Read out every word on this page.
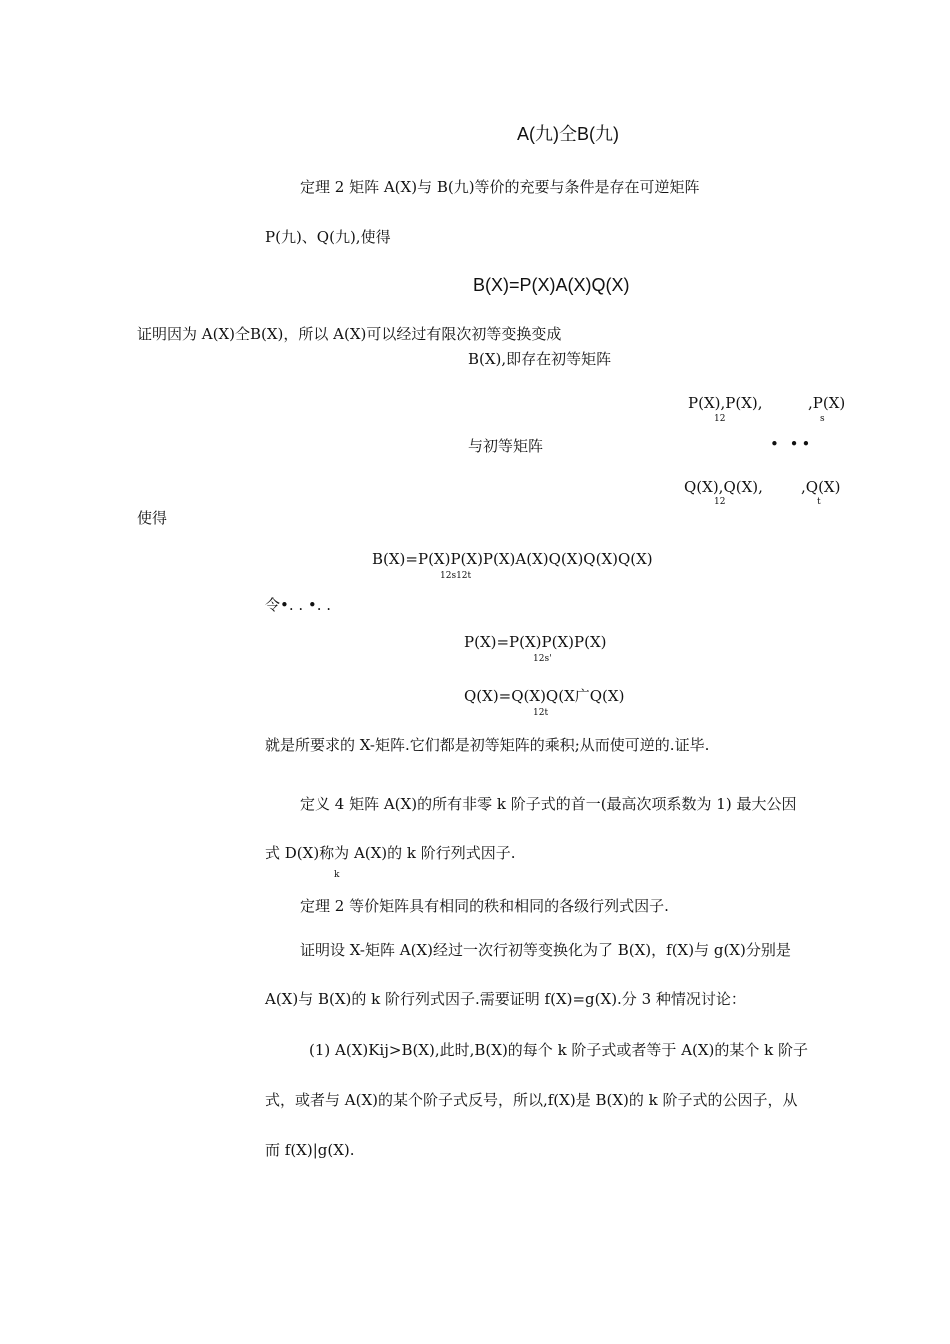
A(九)仝B(九)
定理 2 矩阵 A(X)与 B(九)等价的充要与条件是存在可逆矩阵
P(九)、Q(九),使得
B(X)=P(X)A(X)Q(X)
证明因为 A(X)仝B(X)，所以 A(X)可以经过有限次初等变换变成
B(X),即存在初等矩阵
P(X),P(X),
12
,P(X)
s
与初等矩阵	• ••
Q(X),Q(X),
12
,Q(X)
t
使得
B(X)=P(X)P(X)P(X)A(X)Q(X)Q(X)Q(X)
12s12t
令•. . •. .
P(X)=P(X)P(X)P(X)
12s'
Q(X)=Q(X)Q(X广Q(X)
12t
就是所要求的 X-矩阵.它们都是初等矩阵的乘积;从而使可逆的.证毕.
定义 4 矩阵 A(X)的所有非零 k 阶子式的首一(最高次项系数为 1) 最大公因
式 D(X)称为 A(X)的 k 阶行列式因子.
k
定理 2 等价矩阵具有相同的秩和相同的各级行列式因子.
证明设 X-矩阵 A(X)经过一次行初等变换化为了 B(X)，f(X)与 g(X)分别是
A(X)与 B(X)的 k 阶行列式因子.需要证明 f(X)=g(X).分 3 种情况讨论：
(1) A(X)Kij>B(X),此时,B(X)的每个 k 阶子式或者等于 A(X)的某个 k 阶子
式，或者与 A(X)的某个阶子式反号，所以,f(X)是 B(X)的 k 阶子式的公因子，从
而 f(X)|g(X).
